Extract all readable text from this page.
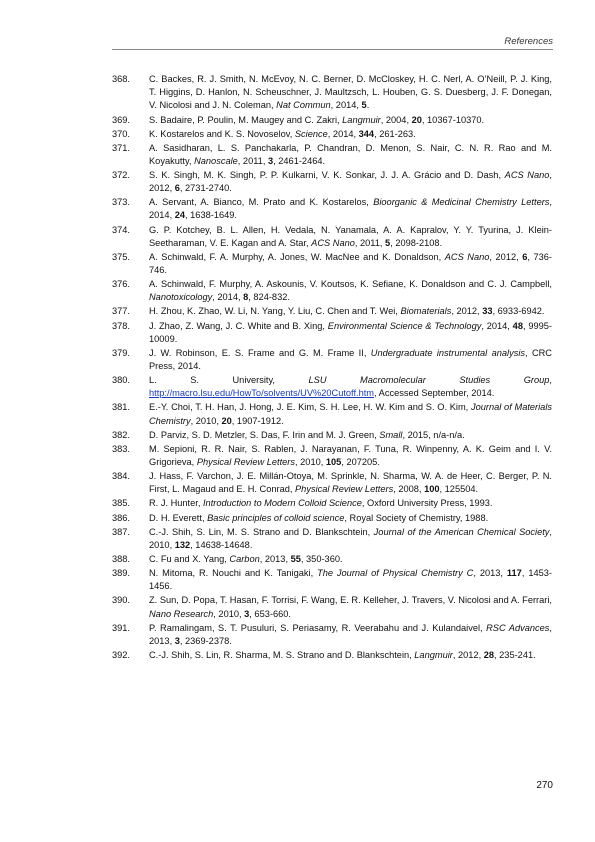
References
368.	C. Backes, R. J. Smith, N. McEvoy, N. C. Berner, D. McCloskey, H. C. Nerl, A. O’Neill, P. J. King, T. Higgins, D. Hanlon, N. Scheuschner, J. Maultzsch, L. Houben, G. S. Duesberg, J. F. Donegan, V. Nicolosi and J. N. Coleman, Nat Commun, 2014, 5.
369.	S. Badaire, P. Poulin, M. Maugey and C. Zakri, Langmuir, 2004, 20, 10367-10370.
370.	K. Kostarelos and K. S. Novoselov, Science, 2014, 344, 261-263.
371.	A. Sasidharan, L. S. Panchakarla, P. Chandran, D. Menon, S. Nair, C. N. R. Rao and M. Koyakutty, Nanoscale, 2011, 3, 2461-2464.
372.	S. K. Singh, M. K. Singh, P. P. Kulkarni, V. K. Sonkar, J. J. A. Grácio and D. Dash, ACS Nano, 2012, 6, 2731-2740.
373.	A. Servant, A. Bianco, M. Prato and K. Kostarelos, Bioorganic & Medicinal Chemistry Letters, 2014, 24, 1638-1649.
374.	G. P. Kotchey, B. L. Allen, H. Vedala, N. Yanamala, A. A. Kapralov, Y. Y. Tyurina, J. Klein-Seetharaman, V. E. Kagan and A. Star, ACS Nano, 2011, 5, 2098-2108.
375.	A. Schinwald, F. A. Murphy, A. Jones, W. MacNee and K. Donaldson, ACS Nano, 2012, 6, 736-746.
376.	A. Schinwald, F. Murphy, A. Askounis, V. Koutsos, K. Sefiane, K. Donaldson and C. J. Campbell, Nanotoxicology, 2014, 8, 824-832.
377.	H. Zhou, K. Zhao, W. Li, N. Yang, Y. Liu, C. Chen and T. Wei, Biomaterials, 2012, 33, 6933-6942.
378.	J. Zhao, Z. Wang, J. C. White and B. Xing, Environmental Science & Technology, 2014, 48, 9995-10009.
379.	J. W. Robinson, E. S. Frame and G. M. Frame II, Undergraduate instrumental analysis, CRC Press, 2014.
380.	L. S. University, LSU Macromolecular Studies Group, http://macro.lsu.edu/HowTo/solvents/UV%20Cutoff.htm, Accessed September, 2014.
381.	E.-Y. Choi, T. H. Han, J. Hong, J. E. Kim, S. H. Lee, H. W. Kim and S. O. Kim, Journal of Materials Chemistry, 2010, 20, 1907-1912.
382.	D. Parviz, S. D. Metzler, S. Das, F. Irin and M. J. Green, Small, 2015, n/a-n/a.
383.	M. Sepioni, R. R. Nair, S. Rablen, J. Narayanan, F. Tuna, R. Winpenny, A. K. Geim and I. V. Grigorieva, Physical Review Letters, 2010, 105, 207205.
384.	J. Hass, F. Varchon, J. E. Millán-Otoya, M. Sprinkle, N. Sharma, W. A. de Heer, C. Berger, P. N. First, L. Magaud and E. H. Conrad, Physical Review Letters, 2008, 100, 125504.
385.	R. J. Hunter, Introduction to Modern Colloid Science, Oxford University Press, 1993.
386.	D. H. Everett, Basic principles of colloid science, Royal Society of Chemistry, 1988.
387.	C.-J. Shih, S. Lin, M. S. Strano and D. Blankschtein, Journal of the American Chemical Society, 2010, 132, 14638-14648.
388.	C. Fu and X. Yang, Carbon, 2013, 55, 350-360.
389.	N. Mitoma, R. Nouchi and K. Tanigaki, The Journal of Physical Chemistry C, 2013, 117, 1453-1456.
390.	Z. Sun, D. Popa, T. Hasan, F. Torrisi, F. Wang, E. R. Kelleher, J. Travers, V. Nicolosi and A. Ferrari, Nano Research, 2010, 3, 653-660.
391.	P. Ramalingam, S. T. Pusuluri, S. Periasamy, R. Veerabahu and J. Kulandaivel, RSC Advances, 2013, 3, 2369-2378.
392.	C.-J. Shih, S. Lin, R. Sharma, M. S. Strano and D. Blankschtein, Langmuir, 2012, 28, 235-241.
270
